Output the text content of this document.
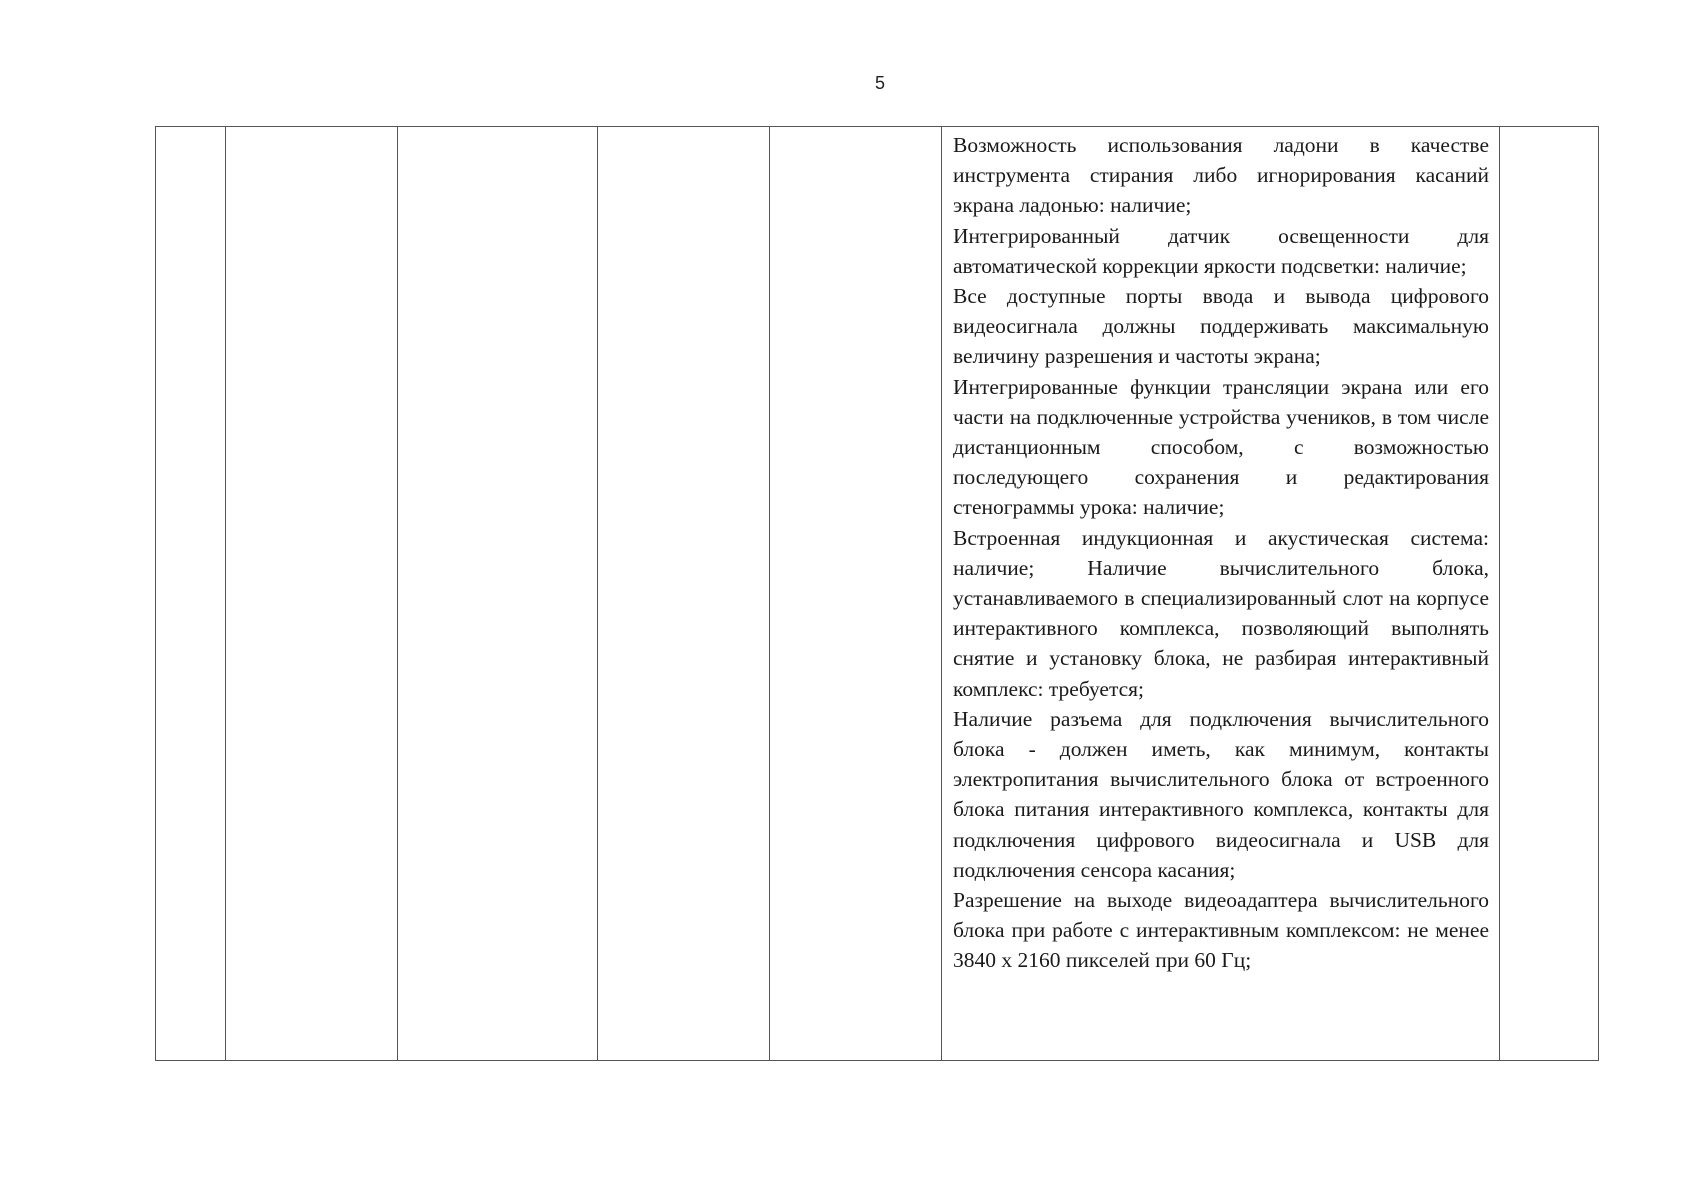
5

Возможность использования ладони в качестве инструмента стирания либо игнорирования касаний экрана ладонью: наличие;

Интегрированный датчик освещенности для автоматической коррекции яркости подсветки: наличие;

Все доступные порты ввода и вывода цифрового видеосигнала должны поддерживать максимальную величину разрешения и частоты экрана;

Интегрированные функции трансляции экрана или его части на подключенные устройства учеников, в том числе дистанционным способом, с возможностью последующего сохранения и редактирования стенограммы урока: наличие;

Встроенная индукционная и акустическая система: наличие; Наличие вычислительного блока, устанавливаемого в специализированный слот на корпусе интерактивного комплекса, позволяющий выполнять снятие и установку блока, не разбирая интерактивный комплекс: требуется;

Наличие разъема для подключения вычислительного блока - должен иметь, как минимум, контакты электропитания вычислительного блока от встроенного блока питания интерактивного комплекса, контакты для подключения цифрового видеосигнала и USB для подключения сенсора касания;

Разрешение на выходе видеоадаптера вычислительного блока при работе с интерактивным комплексом: не менее 3840 x 2160 пикселей при 60 Гц;
